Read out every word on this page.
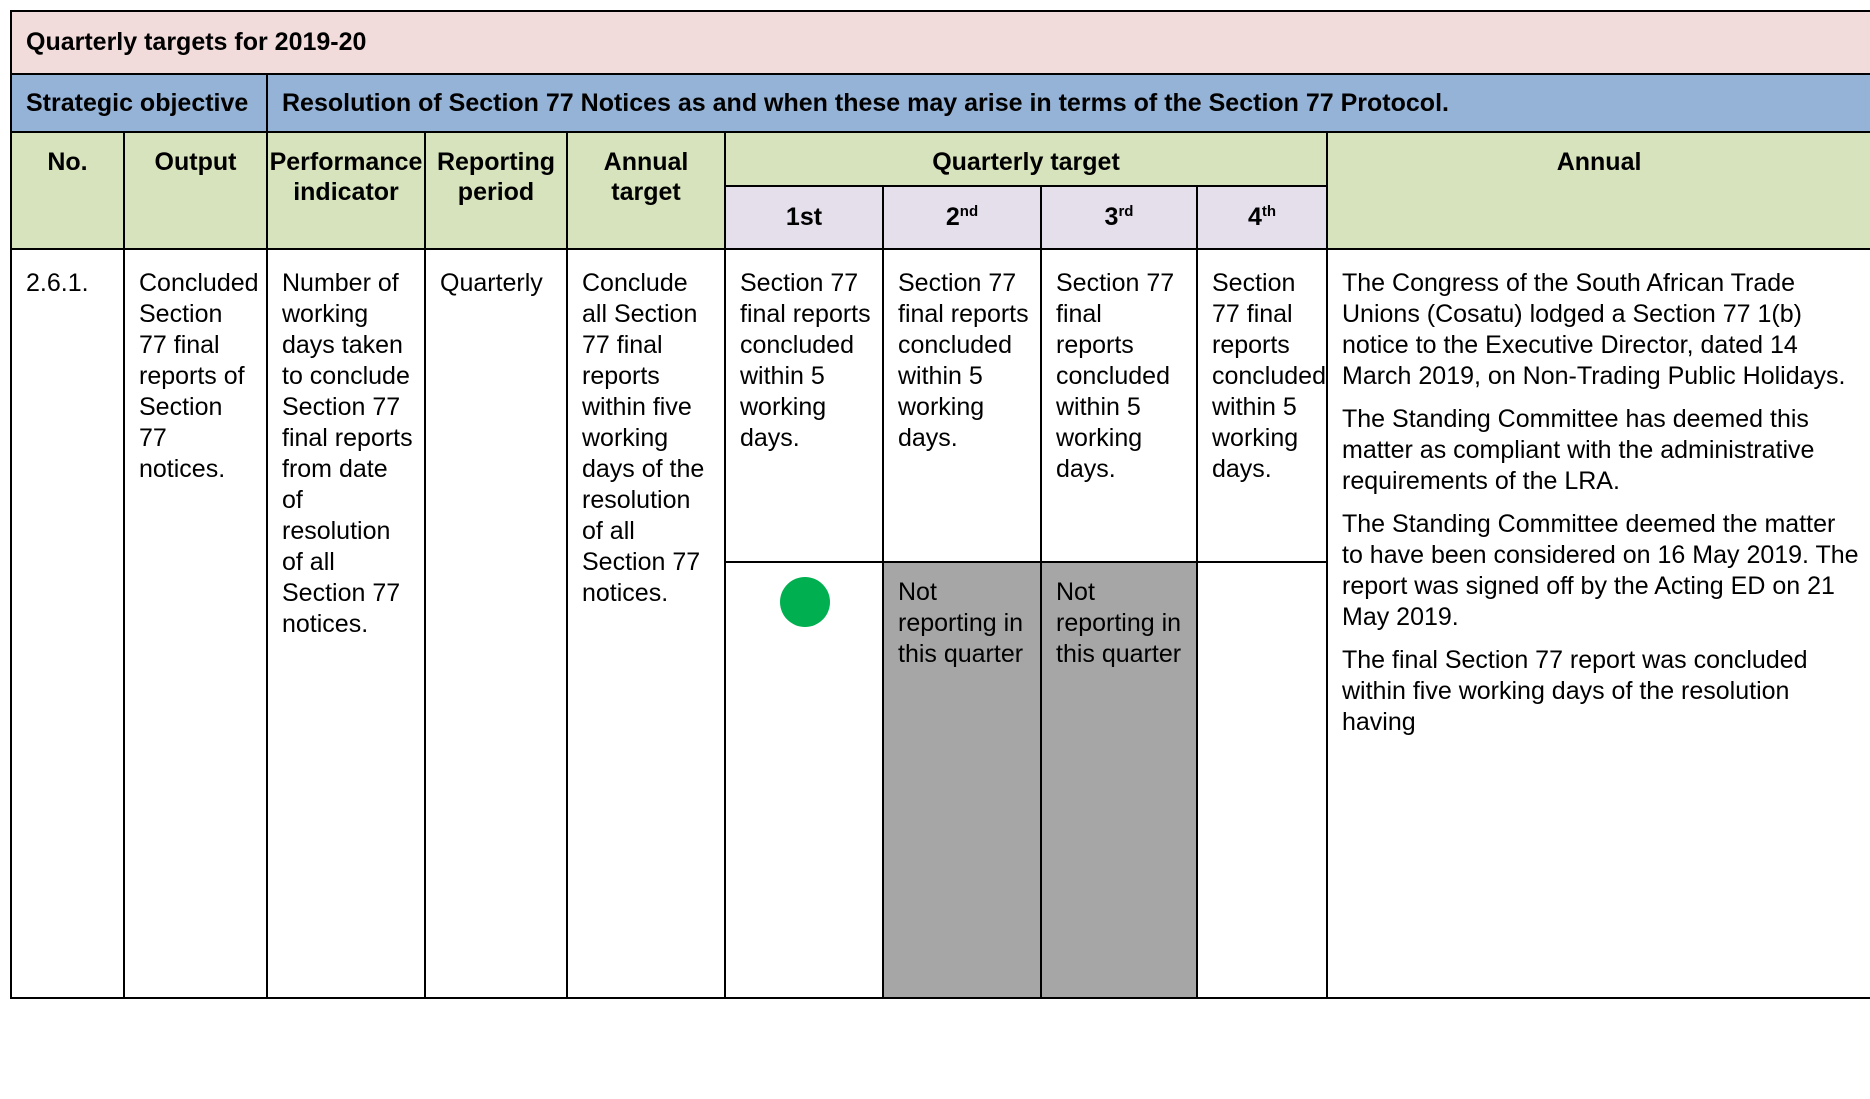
Quarterly targets for 2019-20									
Strategic objective		Resolution of Section 77 Notices as and when these may arise in terms of the Section 77 Protocol.							
No.	Output	Performance indicator	Reporting period	Annual target	Quarterly target				Annual
					1st	2nd	3rd	4th
2.6.1.	Concluded Section 77 final reports of Section 77 notices.	Number of working days taken to conclude Section 77 final reports from date of resolution of all Section 77 notices.	Quarterly	Conclude all Section 77 final reports within five working days of the resolution of all Section 77 notices.	Section 77 final reports concluded within 5 working days.	Section 77 final reports concluded within 5 working days.	Section 77 final reports concluded within 5 working days.	Section 77 final reports concluded within 5 working days.	The Congress of the South African Trade Unions (Cosatu) lodged a Section 77 1(b) notice to the Executive Director, dated 14 March 2019, on Non-Trading Public Holidays.
The Standing Committee has deemed this matter as compliant with the administrative requirements of the LRA.
The Standing Committee deemed the matter to have been considered on 16 May 2019. The report was signed off by the Acting ED on 21 May 2019.
The final Section 77 report was concluded within five working days of the resolution having

						Not reporting in this quarter	Not reporting in this quarter		
